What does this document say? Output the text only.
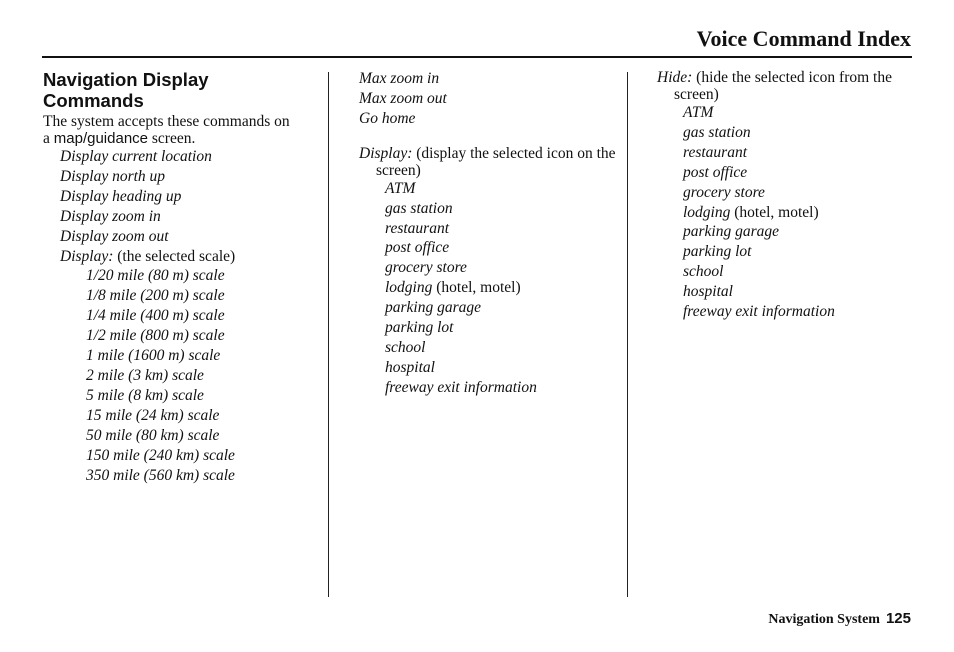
Voice Command Index
Navigation Display
Commands
The system accepts these commands on
a map/guidance screen.
Display current location
Display north up
Display heading up
Display zoom in
Display zoom out
Display: (the selected scale)
1/20 mile (80 m) scale
1/8 mile (200 m) scale
1/4 mile (400 m) scale
1/2 mile (800 m) scale
1 mile (1600 m) scale
2 mile (3 km) scale
5 mile (8 km) scale
15 mile (24 km) scale
50 mile (80 km) scale
150 mile (240 km) scale
350 mile (560 km) scale
Max zoom in
Max zoom out
Go home
Display: (display the selected icon on the screen)
ATM
gas station
restaurant
post office
grocery store
lodging (hotel, motel)
parking garage
parking lot
school
hospital
freeway exit information
Hide: (hide the selected icon from the screen)
ATM
gas station
restaurant
post office
grocery store
lodging (hotel, motel)
parking garage
parking lot
school
hospital
freeway exit information
Navigation System 125
